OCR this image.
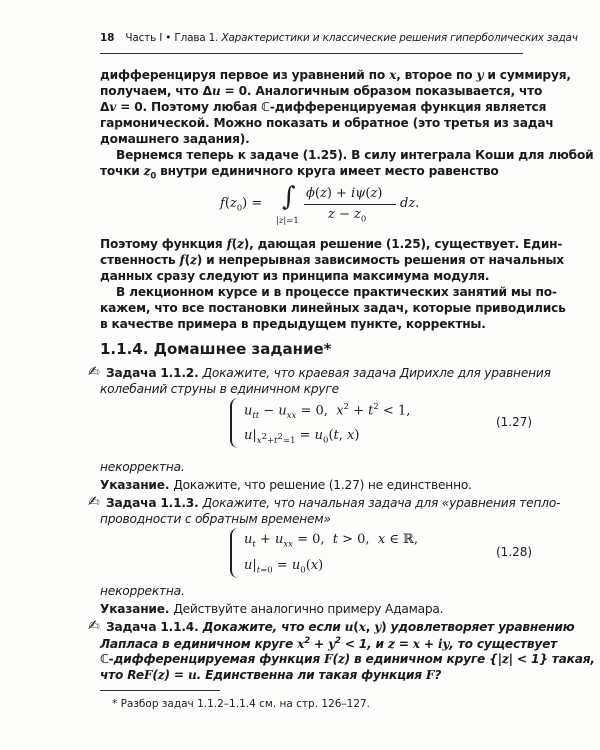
18 Часть I • Глава 1. Характеристики и классические решения гиперболических задач
дифференцируя первое из уравнений по x, второе по y и суммируя,
получаем, что Δu = 0. Аналогичным образом показывается, что
Δv = 0. Поэтому любая ℂ-дифференцируемая функция является
гармонической. Можно показать и обратное (это третья из задач
домашнего задания).
Вернемся теперь к задаче (1.25). В силу интеграла Коши для любой
точки $z_0$ внутри единичного круга имеет место равенство
$f(z_0)$ = ∫
|z|=1
ϕ(z) + iψ(z)
$z - z_0$
dz.
Поэтому функция f(z), дающая решение (1.25), существует. Един-
ственность f(z) и непрерывная зависимость решения от начальных
данных сразу следуют из принципа максимума модуля.
В лекционном курсе и в процессе практических занятий мы по-
кажем, что все постановки линейных задач, которые приводились
в качестве примера в предыдущем пункте, корректны.
1.1.4. Домашнее задание*
✍ Задача 1.1.2. Докажите, что краевая задача Дирихле для уравнения
колебаний струны в единичном круге
$u_{tt} - u_{xx} = 0$,  $x^2 + t^2 < 1$,
$u|_{x^2+t^2=1} = u_0(t$, x)
(1.27)
некорректна.
Указание. Докажите, что решение (1.27) не единственно.
✍ Задача 1.1.3. Докажите, что начальная задача для «уравнения тепло-
проводности с обратным временем»
$u_t + u_{xx} = 0$,  t > 0,  x ∈ ℝ,
$u|_{t=0} = u_0(x)$
(1.28)
некорректна.
Указание. Действуйте аналогично примеру Адамара.
✍ Задача 1.1.4. Докажите, что если u(x, y) удовлетворяет уравнению
Лапласа в единичном круге $x^2 + y^2 < 1$, и z = x + iy, то существует
ℂ-дифференцируемая функция F(z) в единичном круге {|z| < 1} такая,
что ReF(z) = u. Единственна ли такая функция F?
* Разбор задач 1.1.2–1.1.4 см. на стр. 126–127.
